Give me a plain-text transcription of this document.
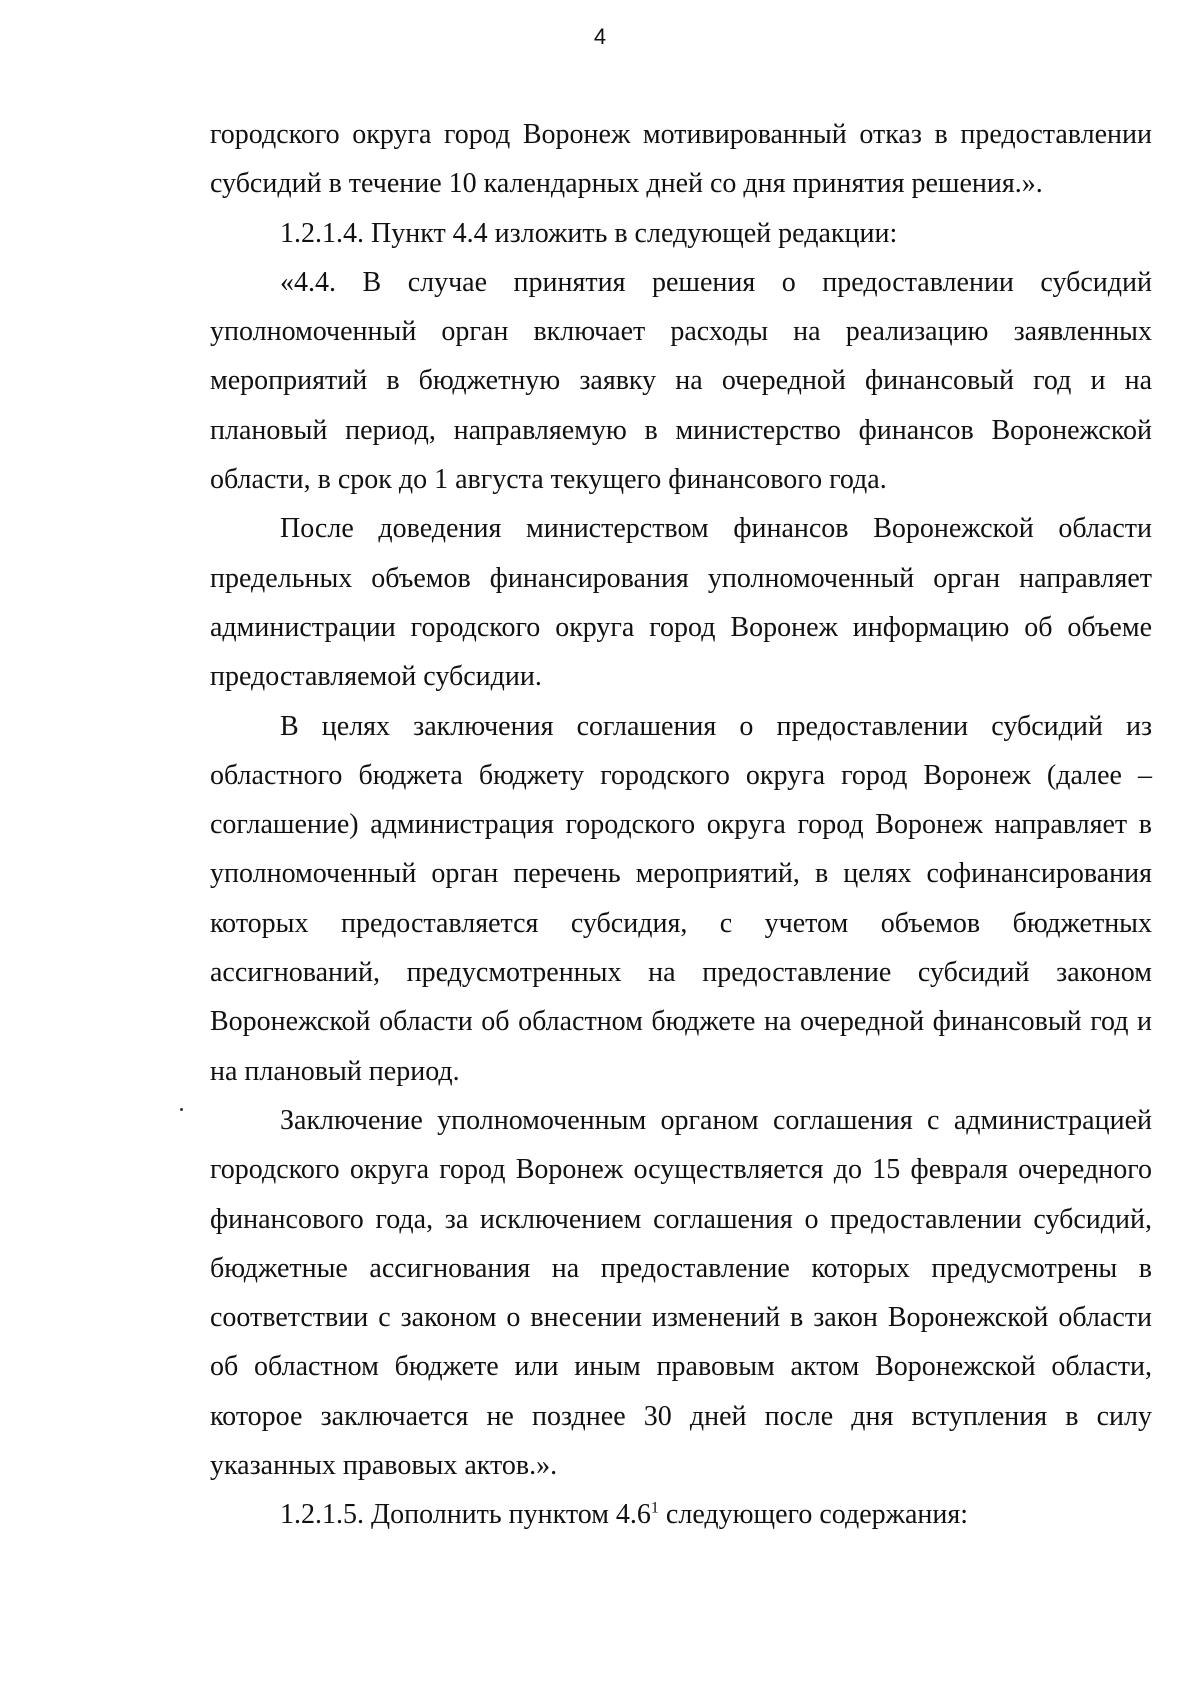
4

городского округа город Воронеж мотивированный отказ в предоставлении субсидий в течение 10 календарных дней со дня принятия решения.».

1.2.1.4. Пункт 4.4 изложить в следующей редакции:

«4.4. В случае принятия решения о предоставлении субсидий уполномоченный орган включает расходы на реализацию заявленных мероприятий в бюджетную заявку на очередной финансовый год и на плановый период, направляемую в министерство финансов Воронежской области, в срок до 1 августа текущего финансового года.

После доведения министерством финансов Воронежской области предельных объемов финансирования уполномоченный орган направляет администрации городского округа город Воронеж информацию об объеме предоставляемой субсидии.

В целях заключения соглашения о предоставлении субсидий из областного бюджета бюджету городского округа город Воронеж (далее – соглашение) администрация городского округа город Воронеж направляет в уполномоченный орган перечень мероприятий, в целях софинансирования которых предоставляется субсидия, с учетом объемов бюджетных ассигнований, предусмотренных на предоставление субсидий законом Воронежской области об областном бюджете на очередной финансовый год и на плановый период.

Заключение уполномоченным органом соглашения с администрацией городского округа город Воронеж осуществляется до 15 февраля очередного финансового года, за исключением соглашения о предоставлении субсидий, бюджетные ассигнования на предоставление которых предусмотрены в соответствии с законом о внесении изменений в закон Воронежской области об областном бюджете или иным правовым актом Воронежской области, которое заключается не позднее 30 дней после дня вступления в силу указанных правовых актов.».

1.2.1.5. Дополнить пунктом $4.6^1$ следующего содержания:
